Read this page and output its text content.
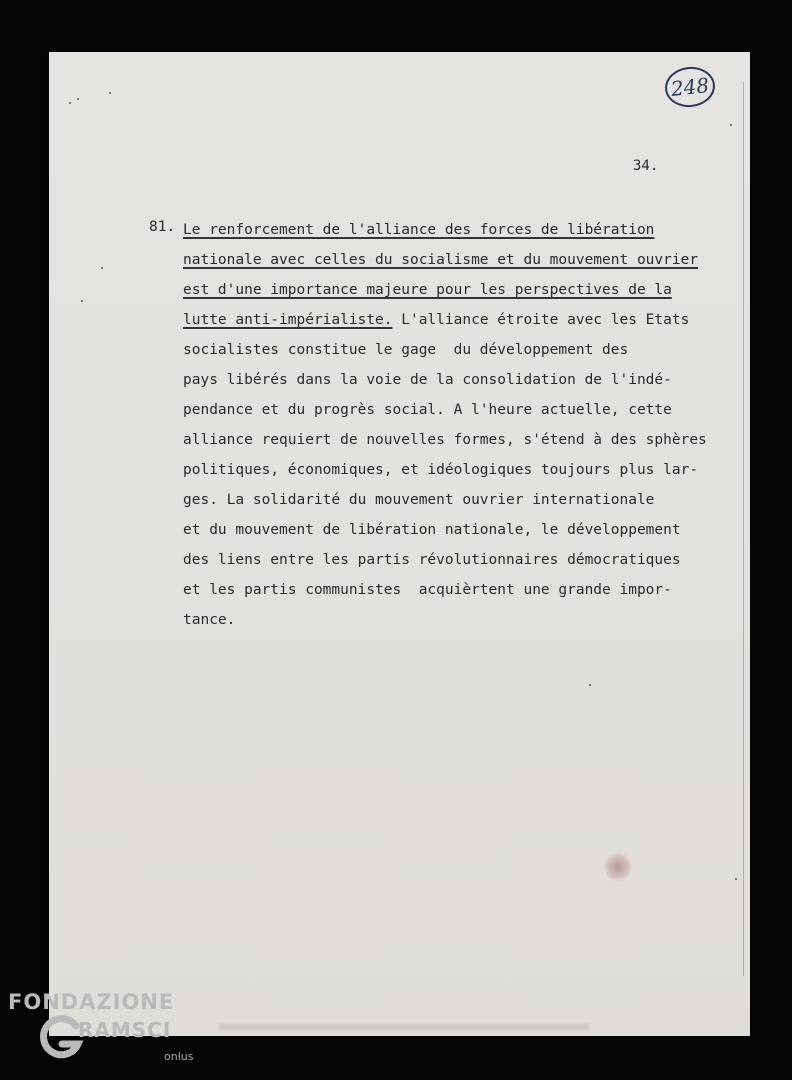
248
34.
81. Le renforcement de l'alliance des forces de libération
nationale avec celles du socialisme et du mouvement ouvrier
est d'une importance majeure pour les perspectives de la
lutte anti-impérialiste. L'alliance étroite avec les Etats
socialistes constitue le gage  du développement des
pays libérés dans la voie de la consolidation de l'indé-
pendance et du progrès social. A l'heure actuelle, cette
alliance requiert de nouvelles formes, s'étend à des sphères
politiques, économiques, et idéologiques toujours plus lar-
ges. La solidarité du mouvement ouvrier internationale
et du mouvement de libération nationale, le développement
des liens entre les partis révolutionnaires démocratiques
et les partis communistes  acquièrtent une grande impor-
tance.
FONDAZIONE
RAMSCI
onlus
